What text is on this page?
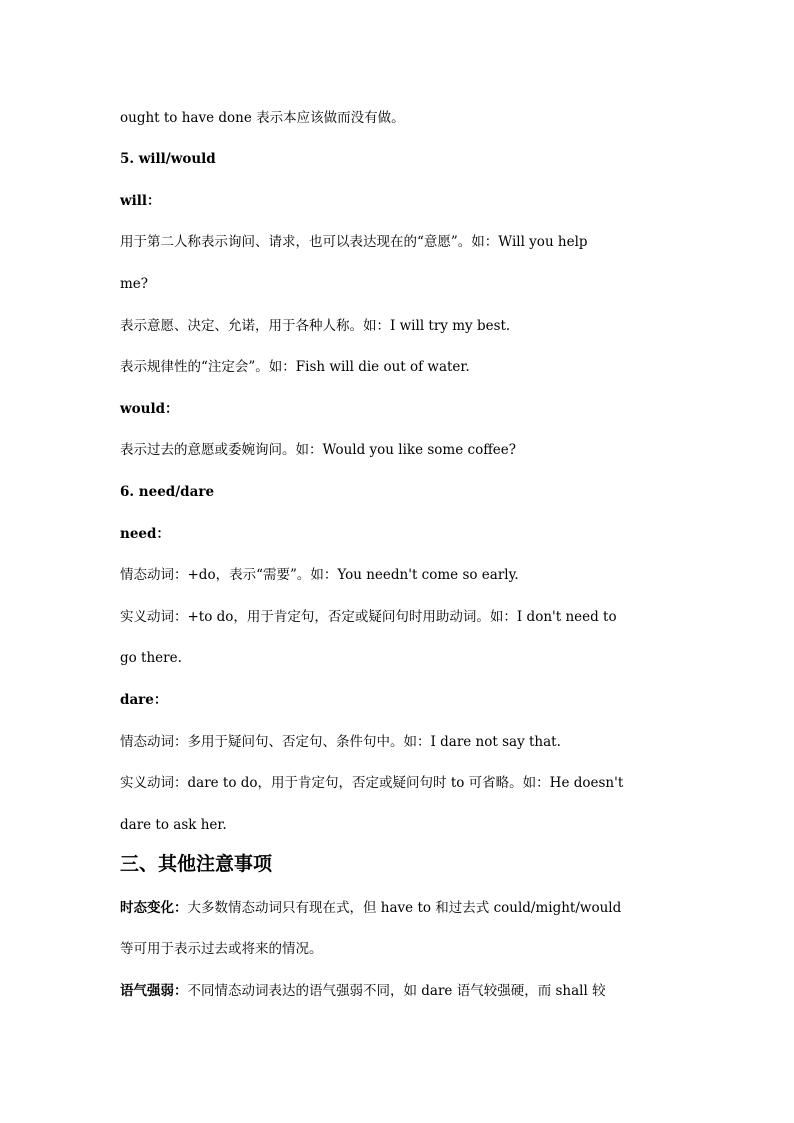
ought to have done 表示本应该做而没有做。
5. will/would
will：
用于第二人称表示询问、请求，也可以表达现在的“意愿”。如：Will you help
me?
表示意愿、决定、允诺，用于各种人称。如：I will try my best.
表示规律性的“注定会”。如：Fish will die out of water.
would：
表示过去的意愿或委婉询问。如：Would you like some coffee?
6. need/dare
need：
情态动词：+do，表示“需要”。如：You needn't come so early.
实义动词：+to do，用于肯定句，否定或疑问句时用助动词。如：I don't need to
go there.
dare：
情态动词：多用于疑问句、否定句、条件句中。如：I dare not say that.
实义动词：dare to do，用于肯定句，否定或疑问句时 to 可省略。如：He doesn't
dare to ask her.
三、其他注意事项
时态变化：大多数情态动词只有现在式，但 have to 和过去式 could/might/would
等可用于表示过去或将来的情况。
语气强弱：不同情态动词表达的语气强弱不同，如 dare 语气较强硬，而 shall 较
